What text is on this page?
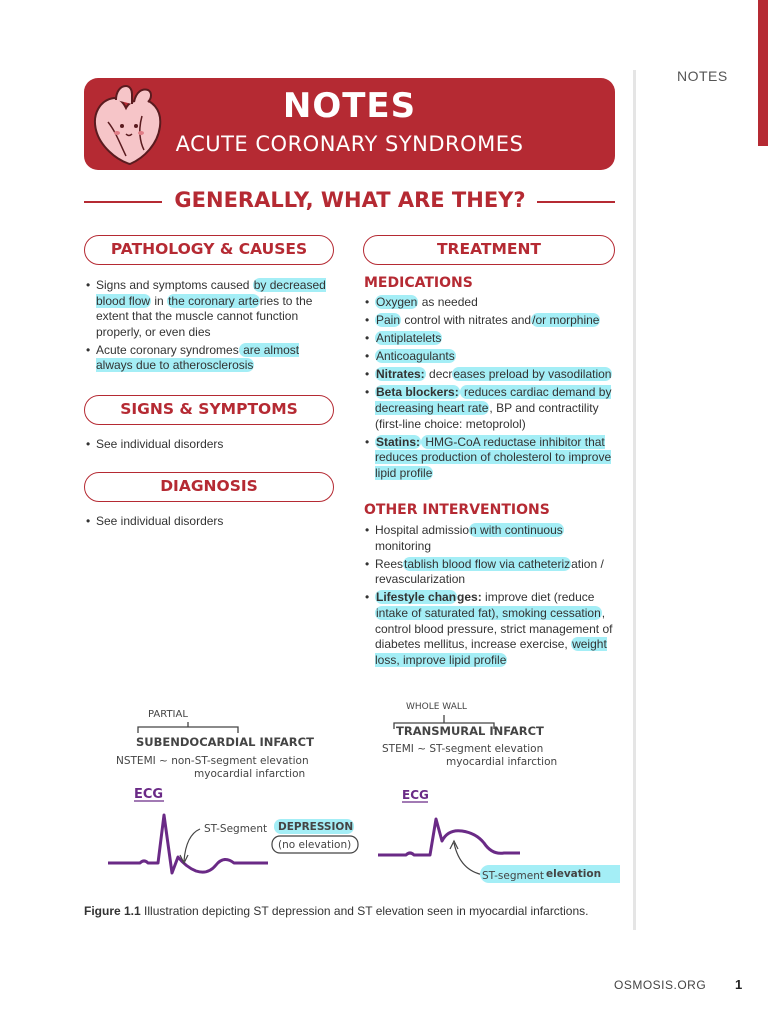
NOTES
NOTES
ACUTE CORONARY SYNDROMES
GENERALLY, WHAT ARE THEY?
PATHOLOGY & CAUSES
• Signs and symptoms caused by decreased blood flow in the coronary arteries to the extent that the muscle cannot function properly, or even dies
• Acute coronary syndromes are almost always due to atherosclerosis
SIGNS & SYMPTOMS
• See individual disorders
DIAGNOSIS
• See individual disorders
TREATMENT
MEDICATIONS
• Oxygen as needed
• Pain control with nitrates and/or morphine
• Antiplatelets
• Anticoagulants
• Nitrates: decreases preload by vasodilation
• Beta blockers: reduces cardiac demand by decreasing heart rate, BP and contractility (first-line choice: metoprolol)
• Statins: HMG-CoA reductase inhibitor that reduces production of cholesterol to improve lipid profile
OTHER INTERVENTIONS
• Hospital admission with continuous monitoring
• Reestablish blood flow via catheterization / revascularization
• Lifestyle changes: improve diet (reduce intake of saturated fat), smoking cessation, control blood pressure, strict management of diabetes mellitus, increase exercise, weight loss, improve lipid profile
PARTIAL
SUBENDOCARDIAL INFARCT
NSTEMI ~ non-ST-segment elevation
myocardial infarction
ECG
ST-Segment DEPRESSION
(no elevation)
WHOLE WALL
TRANSMURAL INFARCT
STEMI ~ ST-segment elevation
myocardial infarction
ECG
ST-segment elevation
Figure 1.1 Illustration depicting ST depression and ST elevation seen in myocardial infarctions.
OSMOSIS.ORG 1
